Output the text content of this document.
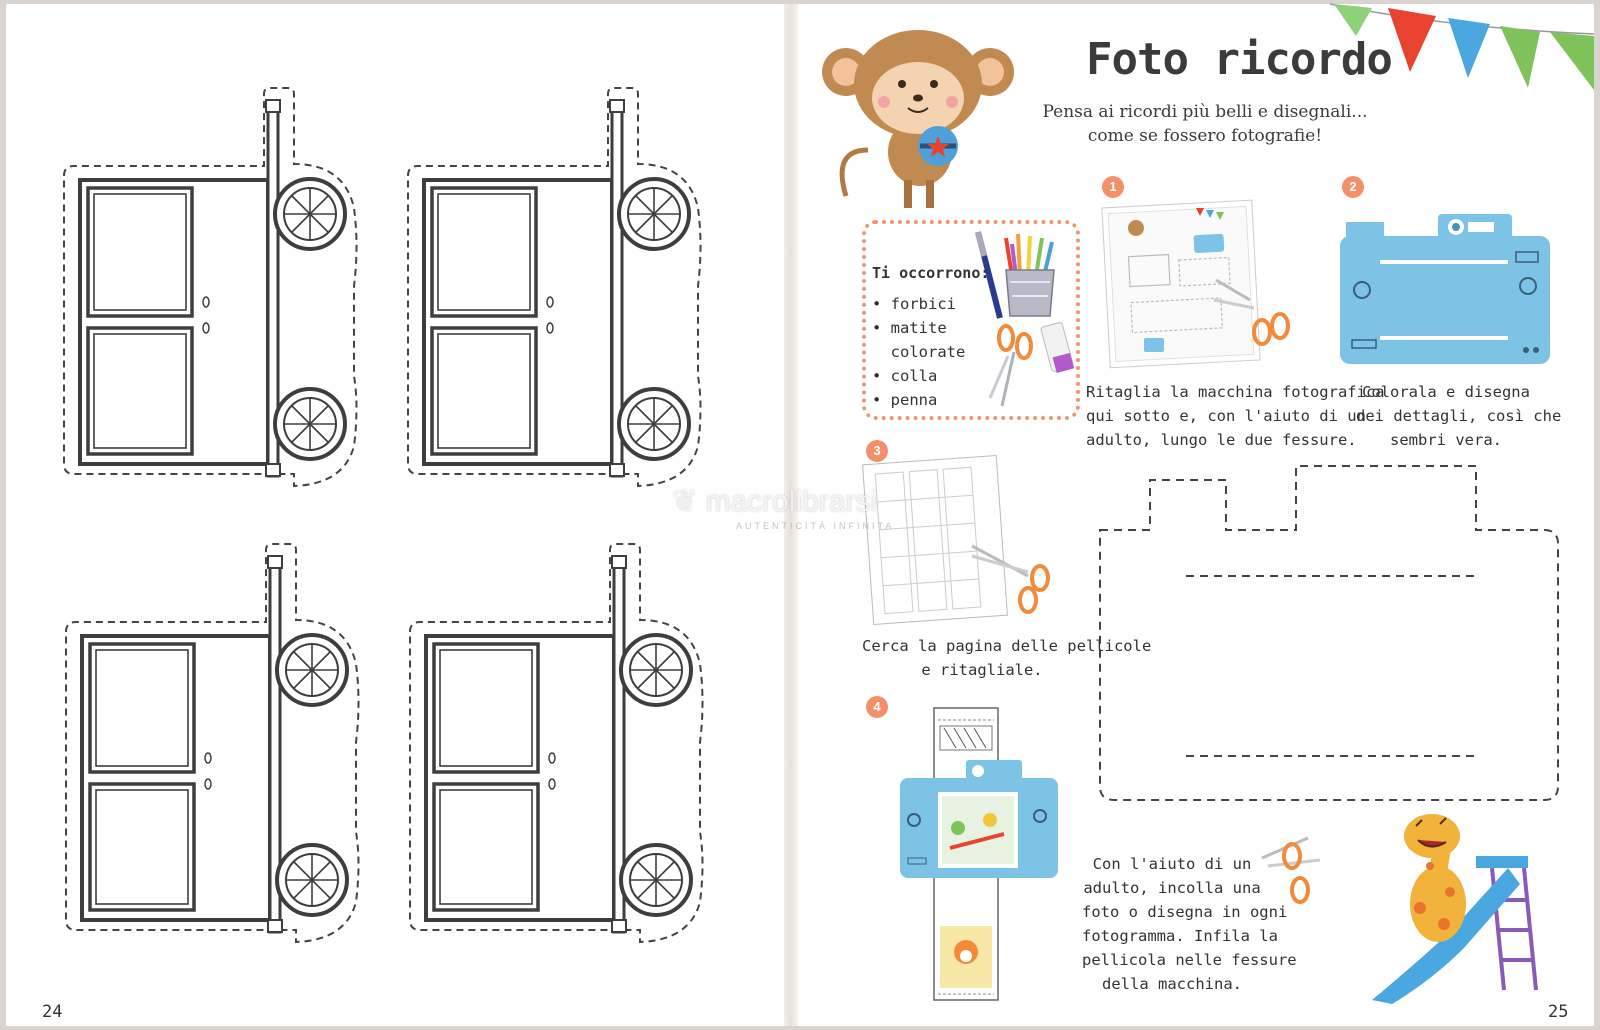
24
Foto ricordo
Pensa ai ricordi più belli e disegnali...
come se fossero fotografie!
Ti occorrono:
• forbici
• matite
colorate
• colla
• penna
1	2
3
4
Ritaglia la macchina fotografica
qui sotto e, con l'aiuto di un
adulto, lungo le due fessure.
Colorala e disegna
dei dettagli, così che
sembri vera.
Cerca la pagina delle pellicole
e ritagliale.
Con l'aiuto di un
adulto, incolla una
foto o disegna in ogni
fotogramma. Infila la
pellicola nelle fessure
della macchina.
❦ macrolibrarsi
AUTENTICITÀ INFINITA
25
